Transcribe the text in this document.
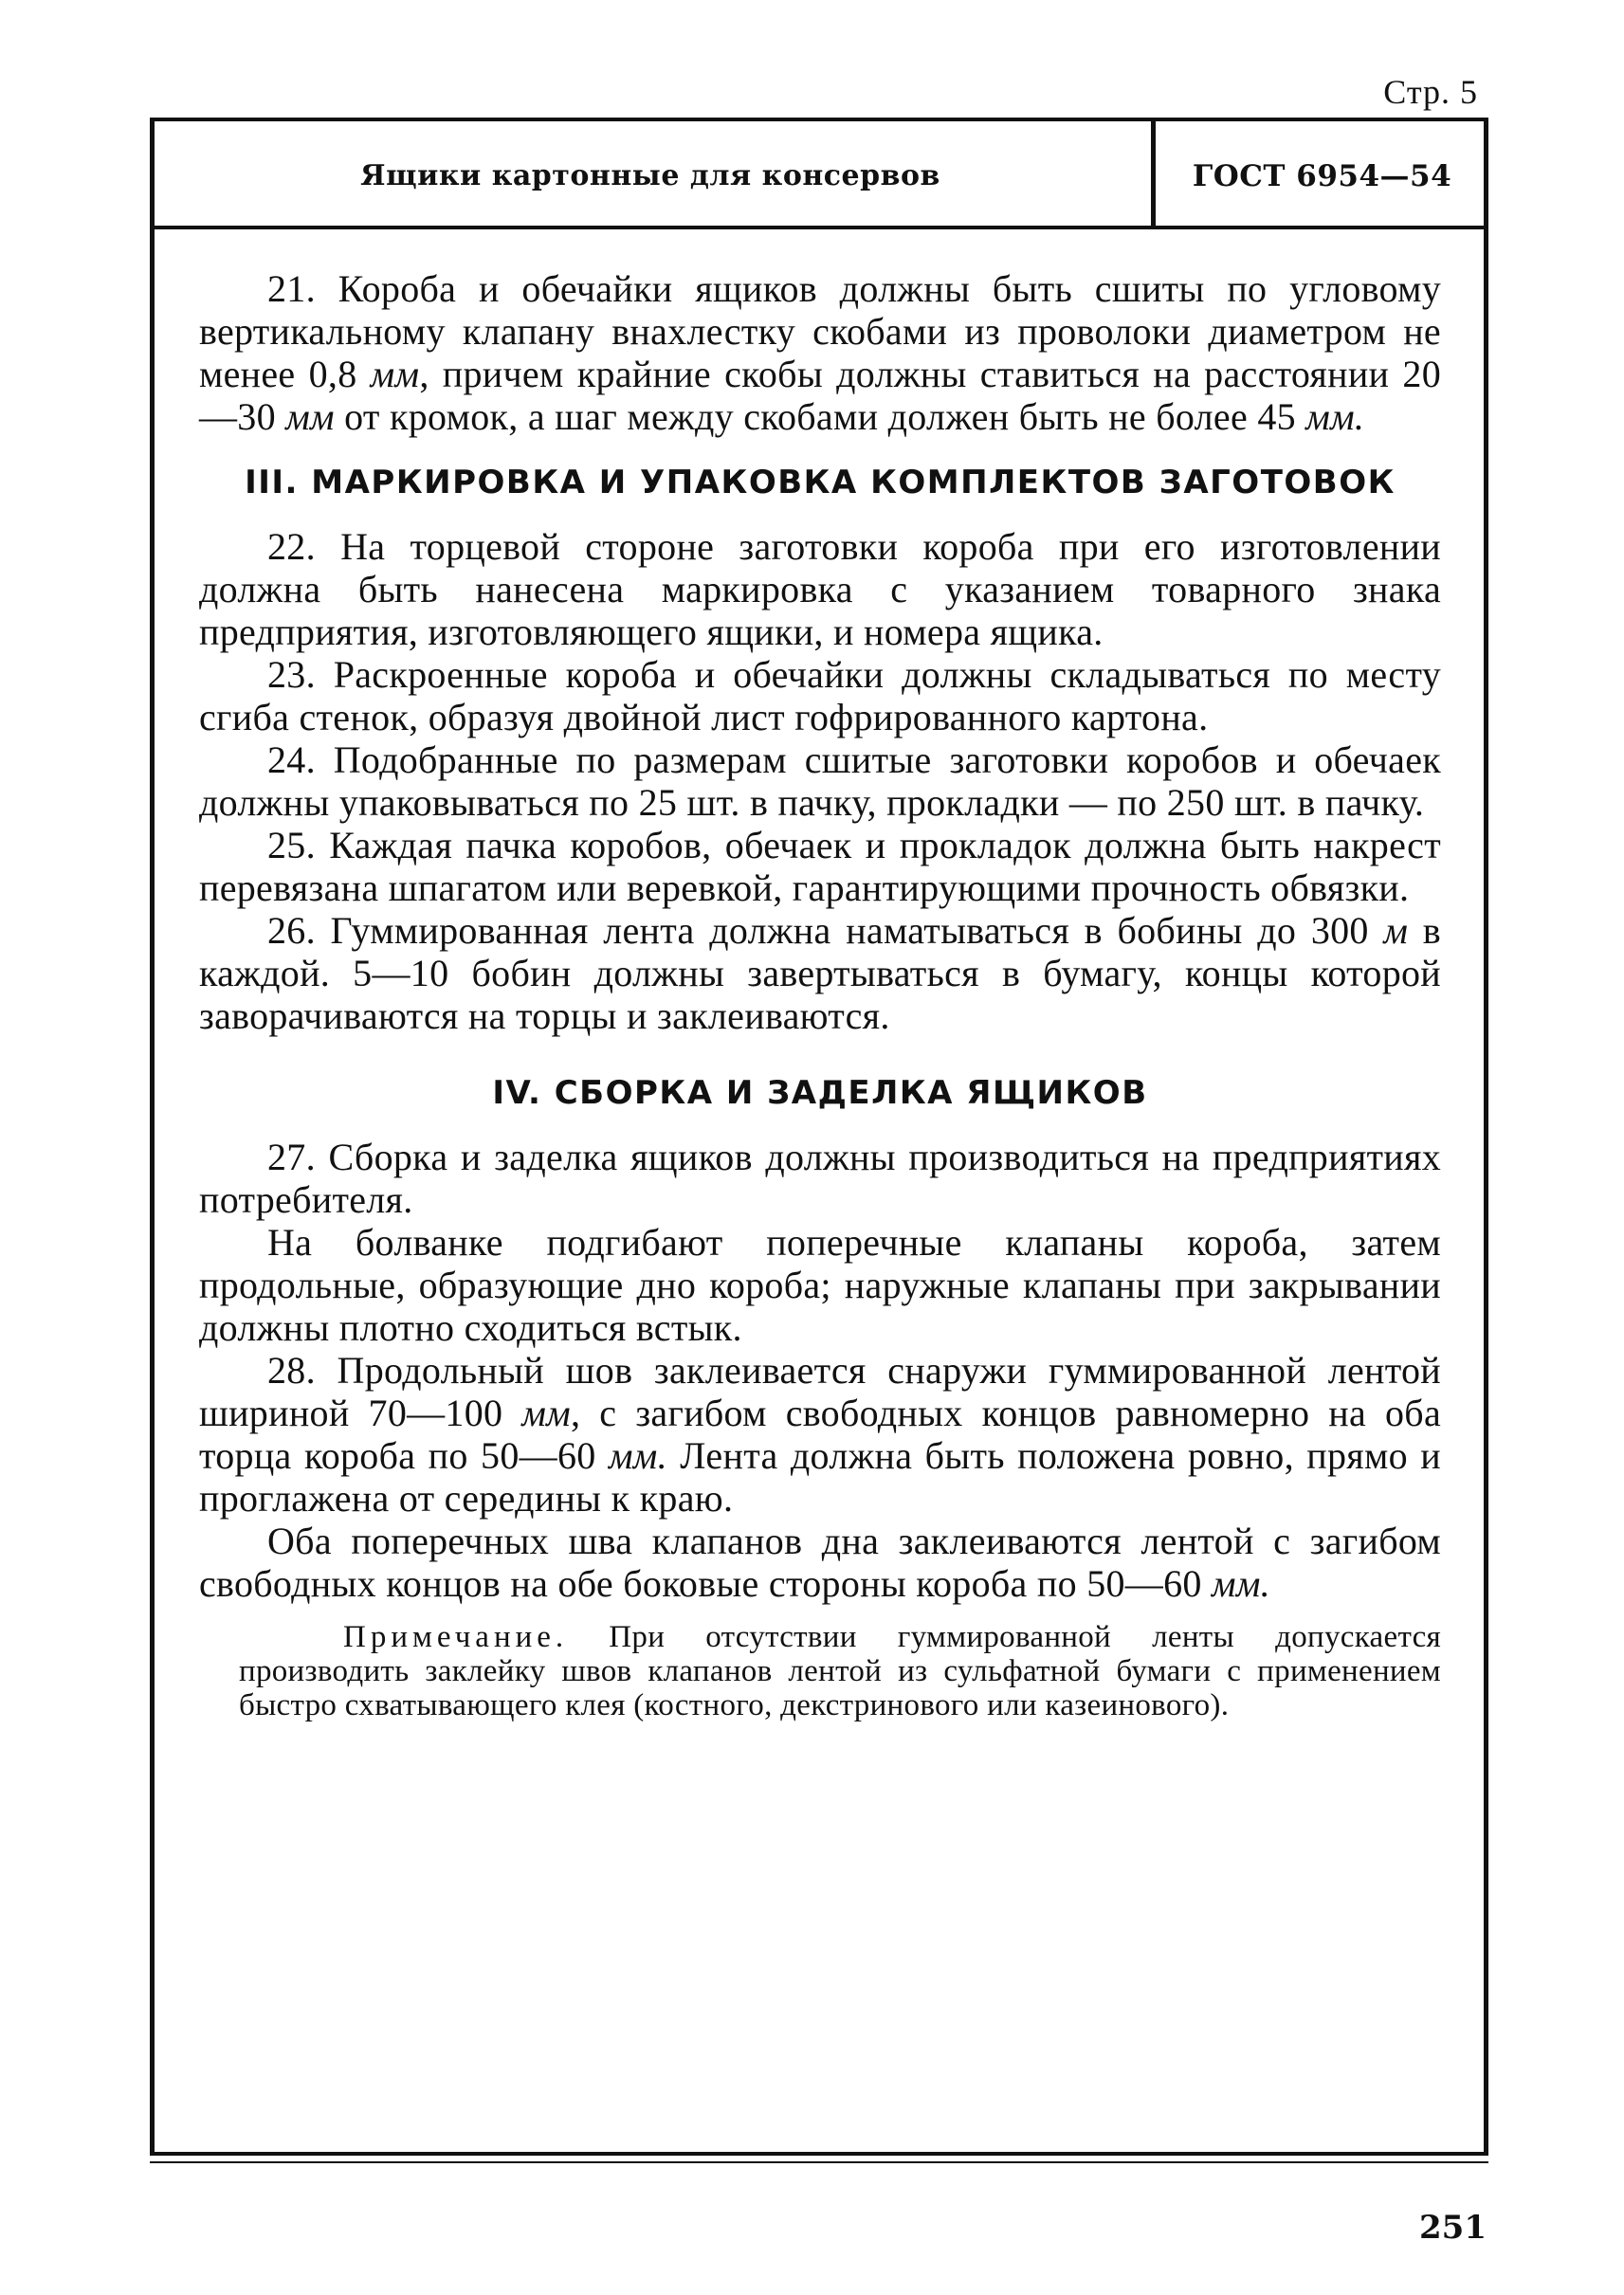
Стр. 5
Ящики картонные для консервов	ГОСТ 6954—54

21. Короба и обечайки ящиков должны быть сшиты по угловому вертикальному клапану внахлестку скобами из проволоки диаметром не менее 0,8 мм, причем крайние скобы должны ставиться на расстоянии 20—30 мм от кромок, а шаг между скобами должен быть не более 45 мм.

III. МАРКИРОВКА И УПАКОВКА КОМПЛЕКТОВ ЗАГОТОВОК

22. На торцевой стороне заготовки короба при его изготовлении должна быть нанесена маркировка с указанием товарного знака предприятия, изготовляющего ящики, и номера ящика.

23. Раскроенные короба и обечайки должны складываться по месту сгиба стенок, образуя двойной лист гофрированного картона.

24. Подобранные по размерам сшитые заготовки коробов и обечаек должны упаковываться по 25 шт. в пачку, прокладки — по 250 шт. в пачку.

25. Каждая пачка коробов, обечаек и прокладок должна быть накрест перевязана шпагатом или веревкой, гарантирующими прочность обвязки.

26. Гуммированная лента должна наматываться в бобины до 300 м в каждой. 5—10 бобин должны завертываться в бумагу, концы которой заворачиваются на торцы и заклеиваются.

IV. СБОРКА И ЗАДЕЛКА ЯЩИКОВ

27. Сборка и заделка ящиков должны производиться на предприятиях потребителя.

На болванке подгибают поперечные клапаны короба, затем продольные, образующие дно короба; наружные клапаны при закрывании должны плотно сходиться встык.

28. Продольный шов заклеивается снаружи гуммированной лентой шириной 70—100 мм, с загибом свободных концов равномерно на оба торца короба по 50—60 мм. Лента должна быть положена ровно, прямо и проглажена от середины к краю.

Оба поперечных шва клапанов дна заклеиваются лентой с загибом свободных концов на обе боковые стороны короба по 50—60 мм.

Примечание. При отсутствии гуммированной ленты допускается производить заклейку швов клапанов лентой из сульфатной бумаги с применением быстро схватывающего клея (костного, декстринового или казеинового).
251
